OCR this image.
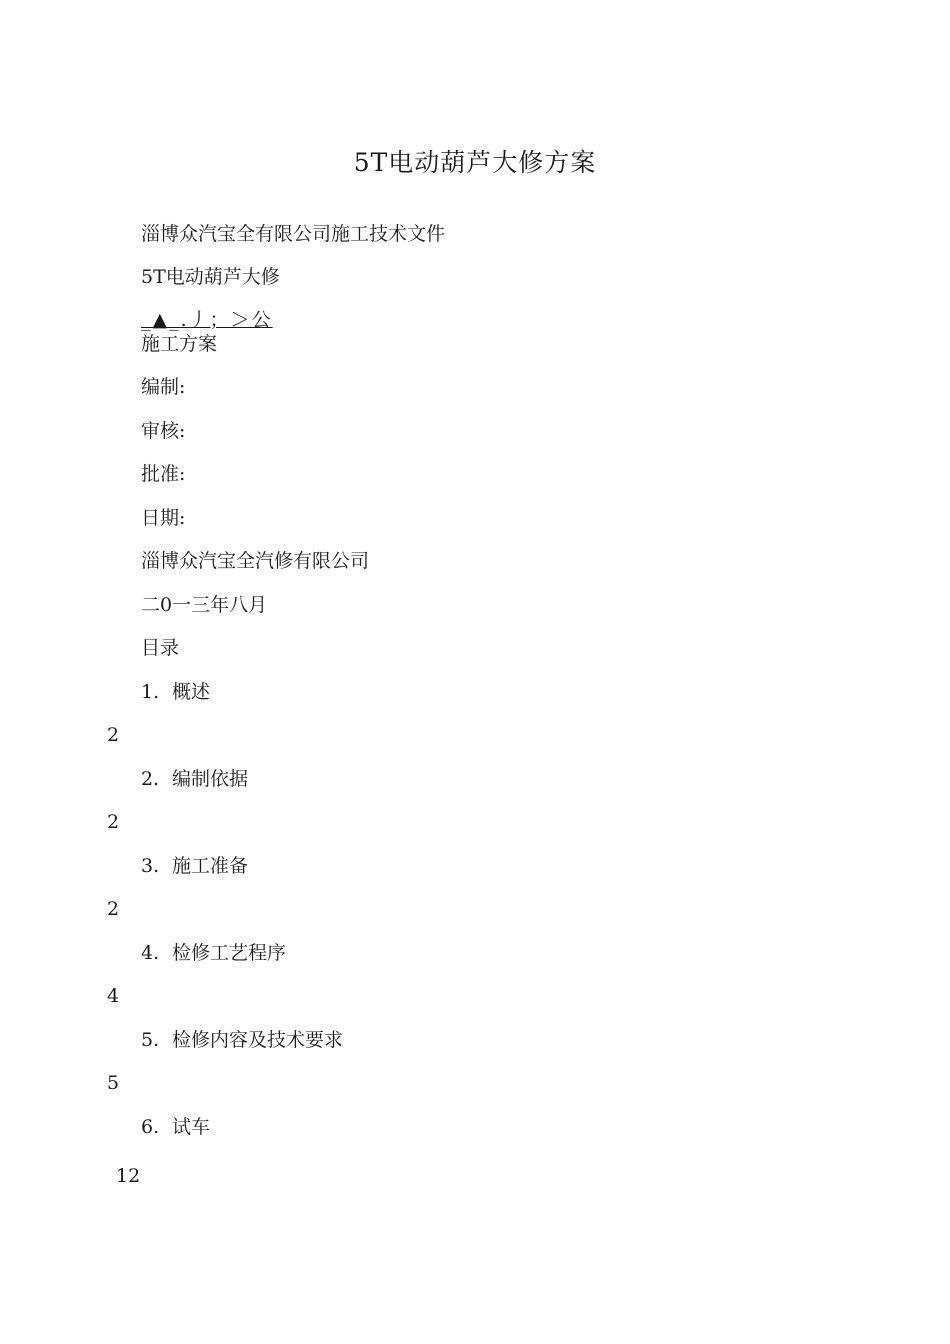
5T电动葫芦大修方案
淄博众汽宝全有限公司施工技术文件
5T电动葫芦大修
_▲_.丿；＞公
施工方案
编制:
审核:
批准:
日期:
淄博众汽宝全汽修有限公司
二0一三年八月
目录
1. 概述
2
2. 编制依据
2
3. 施工准备
2
4. 检修工艺程序
4
5. 检修内容及技术要求
5
6. 试车
12
